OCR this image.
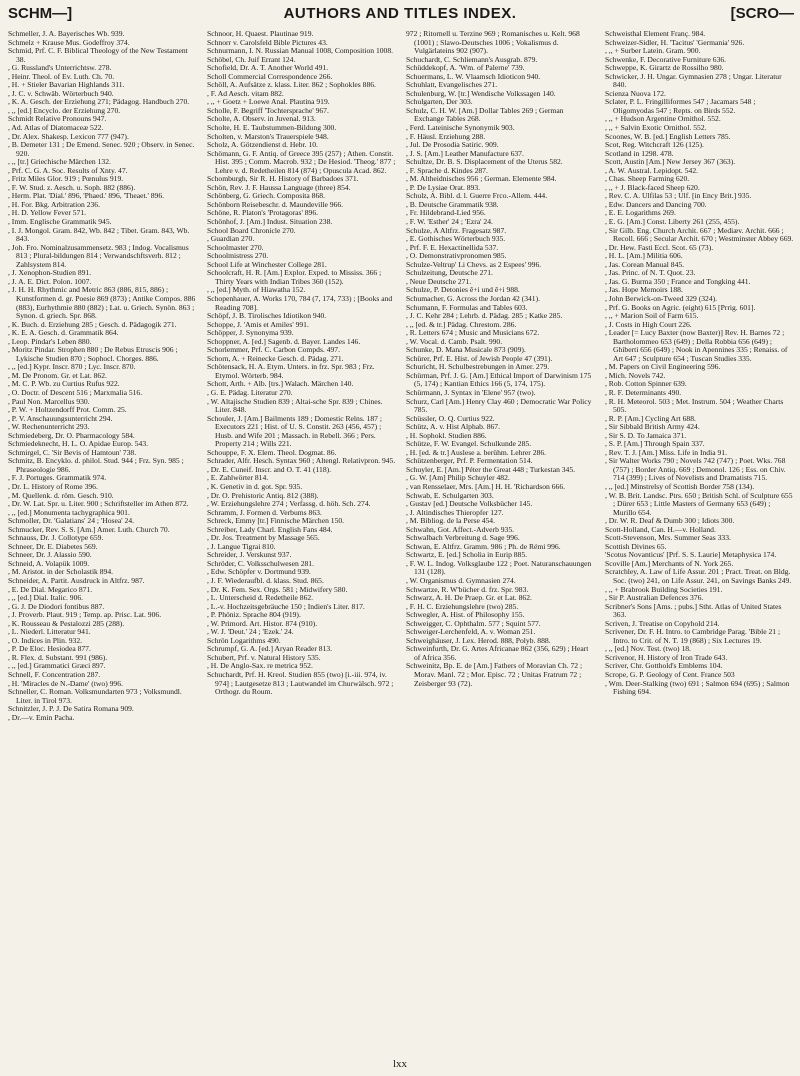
SCHM—]	AUTHORS AND TITLES INDEX.	[SCRO—

Schmeller, J. A. Bayerisches Wb. 939.

Schmelz + Krause Mus. Godeffroy 374.

Schmid, Prf. C. F. Biblical Theology of the New Testament 38.

, G. Russland's Unterrichtsw. 278.

, Heinr. Theol. of Ev. Luth. Ch. 70.

, H. + Stieler Bavarian Highlands 311.

, J. C. v. Schwäb. Wörterbuch 940.

, K. A. Gesch. der Erziehung 271; Pädagog. Handbuch 270.

, ,, [ed.] Encyclo. der Erziehung 270.

Schmidt Relative Pronouns 947.

, Ad. Atlas of Diatomaceæ 522.

, Dr. Alex. Shakesp. Lexicon 777 (947).

, B. Demeter 131 ; De Emend. Senec. 920 ; Observ. in Senec. 920.

, ,, [tr.] Griechische Märchen 132.

, Prf. C. G. A. Soc. Results of Xnty. 47.

, Fritz Miles Glor. 919 ; Pœnulus 919.

, F. W. Stud. z. Aesch. u. Soph. 882 (886).

, Herm. Plat. 'Dial.' 896, 'Phaed.' 896, 'Theaet.' 896.

, H. For. Bkg. Arbitration 236.

, H. D. Yellow Fever 571.

, Imm. Englische Grammatik 945.

, I. J. Mongol. Gram. 842, Wb. 842 ; Tibet. Gram. 843, Wb. 843.

, Joh. Fro. Nominalzusammensetz. 983 ; Indog. Vocalismus 813 ; Plural-bildungen 814 ; Verwandschftsverh. 812 ; Zahlsystem 814.

, J. Xenophon-Studien 891.

, J. A. E. Dict. Polon. 1007.

, J. H. H. Rhythmic and Metric 863 (886, 815, 886) ; Kunstformen d. gr. Poesie 869 (873) ; Antike Compos. 886 (883), Eurhythmie 880 (882) ; Lat. u. Griech. Synön. 863 ; Synon. d. griech. Spr. 868.

, K. Buch. d. Erziehung 285 ; Gesch. d. Pädagogik 271.

, K. E. A. Gesch. d. Grammatik 864.

, Leop. Pindar's Leben 880.

, Moritz Pindar. Strophen 880 ; De Rebus Etruscis 906 ; Lykische Studien 870 ; Sophocl. Chorges. 886.

, ,, [ed.] Kypr. Inscr. 870 ; Lyc. Inscr. 870.

, M. De Pronom. Gr. et Lat. 862.

, M. C. P. Wb. zu Curtius Rufus 922.

, O. Doctr. of Descent 516 ; Marxmalia 516.

, Paul Non. Marcellus 930.

, P. W. + Holtzendorff Prot. Comm. 25.

, P. V. Anschauungsunterricht 294.

, W. Rechenunterricht 293.

Schmiedeberg, Dr. O. Pharmacology 584.

Schmiedeknecht, H. L. O. Apidae Europ. 543.

Schmirgel, C. 'Sir Bevis of Hamtoun' 738.

Schmitz, B. Encyklo. d. philol. Stud. 944 ; Frz. Syn. 985 ; Phraseologie 986.

, F. J. Portuges. Grammatik 974.

, Dr. L. History of Rome 396.

, M. Quellenk. d. röm. Gesch. 910.

, Dr. W. Lat. Spr. u. Liter. 900 ; Schriftsteller im Athen 872.

, ,, [ed.] Monumenta tachygraphica 901.

Schmoller, Dr. 'Galatians' 24 ; 'Hosea' 24.

Schmucker, Rev. S. S. [Am.] Amer. Luth. Church 70.

Schnauss, Dr. J. Collotype 659.

Schneer, Dr. E. Diabetes 569.

Schneer, Dr. J. Alassio 590.

Schneid, A. Volapük 1009.

, M. Aristot. in der Scholastik 894.

Schneider, A. Partit. Ausdruck in Altfrz. 987.

, E. De Dial. Megarico 871.

, ,, [ed.] Dial. Italic. 906.

, G. J. De Diodori fontibus 887.

, J. Proverb. Plaut. 919 ; Temp. ap. Prisc. Lat. 906.

, K. Rousseau & Pestalozzi 285 (288).

, L. Niederl. Litteratur 941.

, O. Indices in Plin. 932.

, P. De Eloc. Hesiodea 877.

, R. Flex. d. Substant. 991 (986).

, ,, [ed.] Grammatici Græci 897.

Schnell, F. Concentration 287.

, H. 'Miracles de N.-Dame' (two) 996.

Schneller, C. Roman. Volksmundarten 973 ; Volksmundl. Liter. in Tirol 973.

Schnitzler, J. P. J. De Satira Romana 909.

, Dr.—v. Emin Pacha.

Schnoor, H. Quaest. Plautinae 919.

Schnorr v. Carolsfeld Bible Pictures 43.

Schnurmann, I. N. Russian Manual 1008, Composition 1008.

Schöbel, Ch. Juif Errant 124.

Schofield, Dr. A. T. Another World 491.

Scholl Commercial Correspondence 266.

Schöll, A. Aufsätze z. klass. Liter. 862 ; Sophokles 886.

, F. Ad Aesch. vitam 882.

, ,, + Goetz + Loewe Anal. Plautina 919.

Scholle, F. Begriff 'Tochtersprache' 967.

Scholte, A. Observ. in Juvenal. 913.

Scholte, H. E. Taubstummen-Bildung 300.

Scholten, v. Marston's Trauerspiele 948.

Scholz, A. Götzendienst d. Hebr. 10.

Schömann, G. F. Antiq. of Greece 395 (257) ; Athen. Constit. Hist. 395 ; Comm. Macrob. 932 ; De Hesiod. 'Theog.' 877 ; Lehre v. d. Redetheilen 814 (874) ; Opuscula Acad. 862.

Schomburgh, Sir R. H. History of Barbadoes 371.

Schön, Rev. J. F. Haussa Language (three) 854.

Schönberg, G. Griech. Composita 868.

Schönborn Reisebeschr. d. Maundeville 966.

Schöne, R. Platon's 'Protagoras' 896.

Schönhof, J. [Am.] Indust. Situation 238.

School Board Chronicle 270.

, Guardian 270.

Schoolmaster 270.

Schoolmistress 270.

School Life at Winchester College 281.

Schoolcraft, H. R. [Am.] Explor. Exped. to Mississ. 366 ; Thirty Years with Indian Tribes 360 (152).

, ,, [ed.] Myth. of Hiawatha 152.

Schopenhauer, A. Works 170, 784 (7, 174, 733) ; [Books and Reading 708].

Schöpf, J. B. Tirolisches Idiotikon 940.

Schoppe, J. 'Amis et Amiles' 991.

Schöpper, J. Synonyma 939.

Schoppner, A. [ed.] Sagenb. d. Bayer. Landes 146.

Schorlemmer, Prf. C. Carbon Compds. 497.

Schorn, A. + Reinecke Gesch. d. Pädag. 271.

Schötensack, H. A. Etym. Unters. in frz. Spr. 983 ; Frz. Etymol. Wörterb. 984.

Schott, Arth. + Alb. [trs.] Walach. Märchen 140.

, G. E. Pädag. Literatur 270.

, W. Altajische Studien 839 ; Altai-sche Spr. 839 ; Chines. Liter. 848.

Schouler, J. [Am.] Bailments 189 ; Domestic Relns. 187 ; Executors 221 ; Hist. of U. S. Constit. 263 (456, 457) ; Husb. and Wife 201 ; Massach. in Rebell. 366 ; Pers. Property 214 ; Wills 221.

Schouppe, F. X. Elem. Theol. Dogmat. 86.

Schrader, Alfr. Hesch. Syntax 960 ; Altengl. Relativpron. 945.

, Dr. E. Cuneif. Inscr. and O. T. 41 (118).

, E. Zahlwörter 814.

, K. Genetiv in d. got. Spr. 935.

, Dr. O. Prehistoric Antiq. 812 (388).

, W. Erziehungslehre 274 ; Verfassg. d. höh. Sch. 274.

Schramm, J. Formen d. Verbums 863.

Schreck, Emmy [tr.] Finnische Märchen 150.

Schreiber, Lady Charl. English Fans 484.

, Dr. Jos. Treatment by Massage 565.

, J. Langue Tigrai 810.

Schreider, J. Verskunst 937.

Schröder, C. Volksschulwesen 281.

, Edw. Schöpfer v. Dortmund 939.

, J. F. Wiederaufbl. d. klass. Stud. 865.

, Dr. K. Fem. Sex. Orgs. 581 ; Midwifery 580.

, L. Unterscheid d. Redetheile 862.

, L.-v. Hochzeitsgebräuche 150 ; Indien's Liter. 817.

, P. Phöniz. Sprache 804 (919).

, W. Primord. Art. Histor. 874 (910).

, W. J. 'Deut.' 24 ; 'Ezek.' 24.

Schrön Logarithms 490.

Schrumpf, G. A. [ed.] Aryan Reader 813.

Schubert, Prf. v. Natural History 535.

, H. De Anglo-Sax. re metrica 952.

Schuchardt, Prf. H. Kreol. Studien 855 (two) [i.-iii. 974, iv. 974] ; Lautgesetze 813 ; Lautwandel im Churwälsch. 972 ; Orthogr. du Roum.

972 ; Ritornell u. Terzine 969 ; Romanisches u. Kelt. 968 (1001) ; Slawo-Deutsches 1006 ; Vokalismus d. Vulgärlateins 902 (907).

Schuchardt, C. Schliemann's Ausgrab. 879.

Schüddekopf, A. 'Wm. of Palerne' 739.

Schuermans, L. W. Vlaamsch Idioticon 940.

Schuhlatt, Evangelisches 271.

Schulenburg, W. [tr.] Wendische Volkssagen 140.

Schulgarten, Der 303.

Schulz, C. H. W. [Am.] Dollar Tables 269 ; German Exchange Tables 268.

, Ferd. Lateinische Synonymik 903.

, F. Häusl. Erziehung 288.

, Jul. De Prosodia Satiric. 909.

, J. S. [Am.] Leather Manufacture 637.

Schultze, Dr. B. S. Displacement of the Uterus 582.

, F. Sprache d. Kindes 287.

, M. Altheidnisches 956 ; German. Elemente 984.

, P. De Lysiae Orat. 893.

Schulz, A. Bibl. d. l. Guerre Frco.-Allem. 444.

, B. Deutsche Grammatik 938.

, Fr. Hildebrand-Lied 956.

, F. W. 'Esther' 24 ; 'Ezra' 24.

Schulze, A Altfrz. Fragesatz 987.

, E. Gothisches Wörterbuch 935.

, Prf. F. E. Hexactinellida 537.

, O. Demonstrativpronomen 985.

Schulze-Veltrup' Li Chevs. as 2 Espees' 996.

Schulzeitung, Deutsche 271.

, Neue Deutsche 271.

Schulze, P. Detonies ê+i und ê+i 988.

Schumacher, G. Across the Jordan 42 (341).

Schumann, F. Formulas and Tables 603.

, J. C. Kehr 284 ; Lehrb. d. Pädag. 285 ; Katke 285.

, ,, [ed. & tr.] Pädag. Chrestom. 286.

, R. Letters 674 ; Music and Musicians 672.

, W. Vocal. d. Camb. Psalt. 990.

Schunke, D. Mana Musicale 873 (909).

Schürer, Prf. E. Hist. of Jewish People 47 (391).

Schuricht, H. Schulbestrebungen in Amer. 279.

Schürman, Prf. J. G. [Am.] Ethical Import of Darwinism 175 (5, 174) ; Kantian Ethics 166 (5, 174, 175).

Schürmann, J. Syntax in 'Elene' 957 (two).

Schurz, Carl [Am.] Henry Clay 460 ; Democratic War Policy 785.

Schüssler, O. Q. Curtius 922.

Schütz, A. v. Hist Alphab. 867.

, H. Sophokl. Studien 886.

Schütze, F. W. Evangel. Schulkunde 285.

, H. [ed. & tr.] Auslese a. berühm. Lehrer 286.

Schützenberger, Prf. P. Fermentation 514.

Schuyler, E. [Am.] Péter the Great 448 ; Turkestan 345.

, G. W. [Am] Philip Schuyler 482.

, van Rensselaer, Mrs. [Am.] H. H. 'Richardson 666.

Schwab, E. Schulgarten 303.

, Gustav [ed.] Deutsche Volksbücher 145.

, J. Altindisches Thieropfer 127.

, M. Bibliog. de la Perse 454.

Schwahn, Got. Affect.-Adverb 935.

Schwalbach Verbreitung d. Sage 996.

Schwan, E. Altfrz. Gramm. 986 ; Ph. de Rémi 996.

Schwartz, E. [ed.] Scholia in Eurip 885.

, F. W. L. Indog. Volksglaube 122 ; Poet. Naturanschauungen 131 (128).

, W. Organismus d. Gymnasien 274.

Schwartze, R. W'bücher d. frz. Spr. 983.

Schwarz, A. H. De Praep. Gr. et Lat. 862.

, F. H. C. Erziehungslehre (two) 285.

Schwegler, A. Hist. of Philosophy 155.

Schweigger, C. Ophthalm. 577 ; Squint 577.

Schweiger-Lerchenfeld, A. v. Woman 251.

Schweighäuser, J. Lex. Herod. 888, Polyb. 888.

Schweinfurth, Dr. G. Artes Africanae 862 (356, 629) ; Heart of Africa 356.

Schweinitz, Bp. E. de [Am.] Fathers of Moravian Ch. 72 ; Morav. Manl. 72 ; Mor. Episc. 72 ; Unitas Fratrum 72 ; Zeisberger 93 (72).

Schweisthal Element Franç. 984.

Schweizer-Sidler, H. 'Tacitus' 'Germania' 926.

, ,, + Surber Latein. Gram. 900.

Schwenke, F. Decorative Furniture 636.

Schweppe, K. Girartz de Rossilho 980.

Schwicker, J. H. Ungar. Gymnasien 278 ; Ungar. Literatur 840.

Scienza Nuova 172.

Sclater, P. L. Fringilliformes 547 ; Jacamars 548 ; Oligomyodas 547 ; Repts. on Birds 552.

, ,, + Hudson Argentine Ornithol. 552.

, ,, + Salvin Exotic Ornithol. 552.

Scoones, W. B. [ed.] English Letters 785.

Scot, Reg. Witchcraft 126 (125).

Scotland in 1298. 478.

Scott, Austin [Am.] New Jersey 367 (363).

, A. W. Austral. Lepidopt. 542.

, Chas. Sheep Farming 620.

, ,, + J. Black-faced Sheep 620.

, Rev. C. A. Ulfilas 53 ; Ulf. [in Ency Brit.] 935.

, Edw. Dancers and Dancing 700.

, E. E. Logarithms 269.

, E. G. [Am.] Const. Liberty 261 (255, 455).

, Sir Gilb. Eng. Church Archit. 667 ; Mediæv. Archit. 666 ; Recoll. 666 ; Secular Archit. 670 ; Westminster Abbey 669.

, Dr. Hew. Fasti Eccl. Scot. 65 (73).

, H. L. [Am.] Militia 606.

, Jas. Corean Manual 845.

, Jas. Princ. of N. T. Quot. 23.

, Jas. G. Burma 350 ; France and Tongking 441.

, Jas. Hope Memoirs 188.

, John Berwick-on-Tweed 329 (324).

, Prf. G. Books on Agric. (eight) 615 [Prrig. 601].

, ,, + Marion Soil of Farm 615.

, J. Costs in High Court 226.

, Leader [= Lucy Baxter (now Baxter)] Rev. H. Barnes 72 ; Bartholommeo 653 (649) ; Della Robbia 656 (649) ; Ghiberti 656 (649) ; Nook in Apennines 335 ; Renaiss. of Art 647 ; Sculpture 654 ; Tuscan Studies 335.

, M. Papers on Civil Engineering 596.

, Mich. Novels 742.

, Rob. Cotton Spinner 639.

, R. F. Determinants 490.

, R. H. Meteorol. 503 ; Met. Instrum. 504 ; Weather Charts 505.

, R. P. [Am.] Cycling Art 688.

, Sir Sibbald British Army 424.

, Sir S. D. To Jamaica 371.

, S. P. [Am.] Through Spain 337.

, Rev. T. J. [Am.] Miss. Life in India 91.

, Sir Walter Works 790 ; Novels 742 (747) ; Poet. Wks. 768 (757) ; Border Antiq. 669 ; Demonol. 126 ; Ess. on Chiv. 714 (399) ; Lives of Novelists and Dramatists 715.

, ,, [ed.] Minstrelsy of Scottish Border 758 (134).

, W. B. Brit. Landsc. Ptrs. 650 ; British Schl. of Sculpture 655 ; Dürer 653 ; Little Masters of Germany 653 (649) ; Murillo 654.

, Dr. W. R. Deaf & Dumb 300 ; Idiots 300.

Scott-Holland, Can. H.—v. Holland.

Scott-Stevenson, Mrs. Summer Seas 333.

Scottish Divines 65.

'Scotus Novanticus' [Prf. S. S. Laurie] Metaphysica 174.

Scoville [Am.] Merchants of N. York 265.

Scratchley, A. Law of Life Assur. 201 ; Pract. Treat. on Bldg. Soc. (two) 241, on Life Assur. 241, on Savings Banks 249.

, ,, + Brabrook Building Societies 191.

, Sir P. Australian Defences 376.

Scribner's Sons [Ams. ; pubs.] Stht. Atlas of United States 363.

Scriven, J. Treatise on Copyhold 214.

Scrivener, Dr. F. H. Intro. to Cambridge Parag. 'Bible 21 ; Intro. to Crit. of N. T. 19 (868) ; Six Lectures 19.

, ,, [ed.] Nov. Test. (two) 18.

Scrivenor, H. History of Iron Trade 643.

Scriver, Chr. Gotthold's Emblems 104.

Scrope, G. P. Geology of Cent. France 503

, Wm. Deer-Stalking (two) 691 ; Salmon 694 (695) ; Salmon Fishing 694.

lxx
